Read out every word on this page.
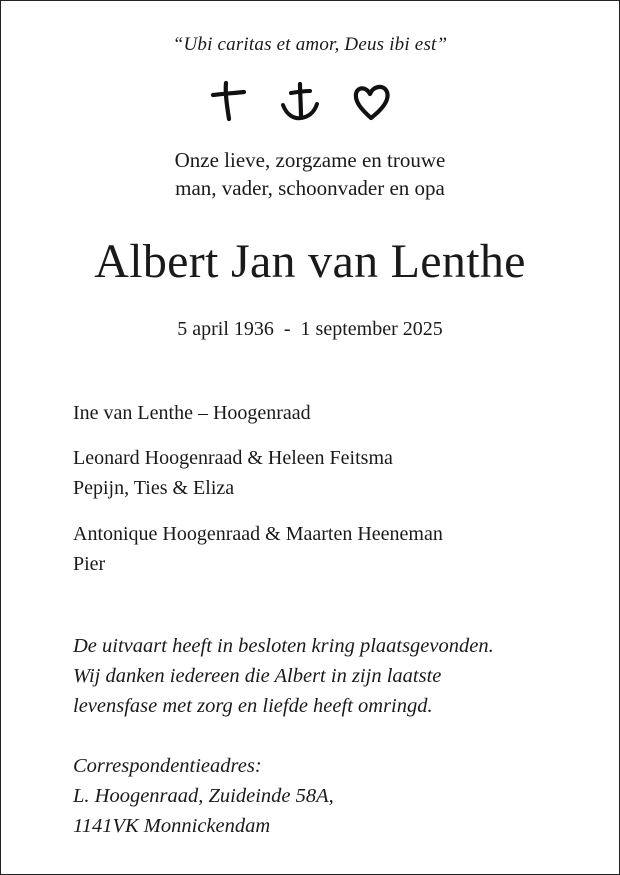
“Ubi caritas et amor, Deus ibi est”
Onze lieve, zorgzame en trouwe
man, vader, schoonvader en opa
Albert Jan van Lenthe
5 april 1936  -  1 september 2025
Ine van Lenthe – Hoogenraad
Leonard Hoogenraad & Heleen Feitsma
Pepijn, Ties & Eliza
Antonique Hoogenraad & Maarten Heeneman
Pier
De uitvaart heeft in besloten kring plaatsgevonden.
Wij danken iedereen die Albert in zijn laatste
levensfase met zorg en liefde heeft omringd.
Correspondentieadres:
L. Hoogenraad, Zuideinde 58A,
1141VK Monnickendam
